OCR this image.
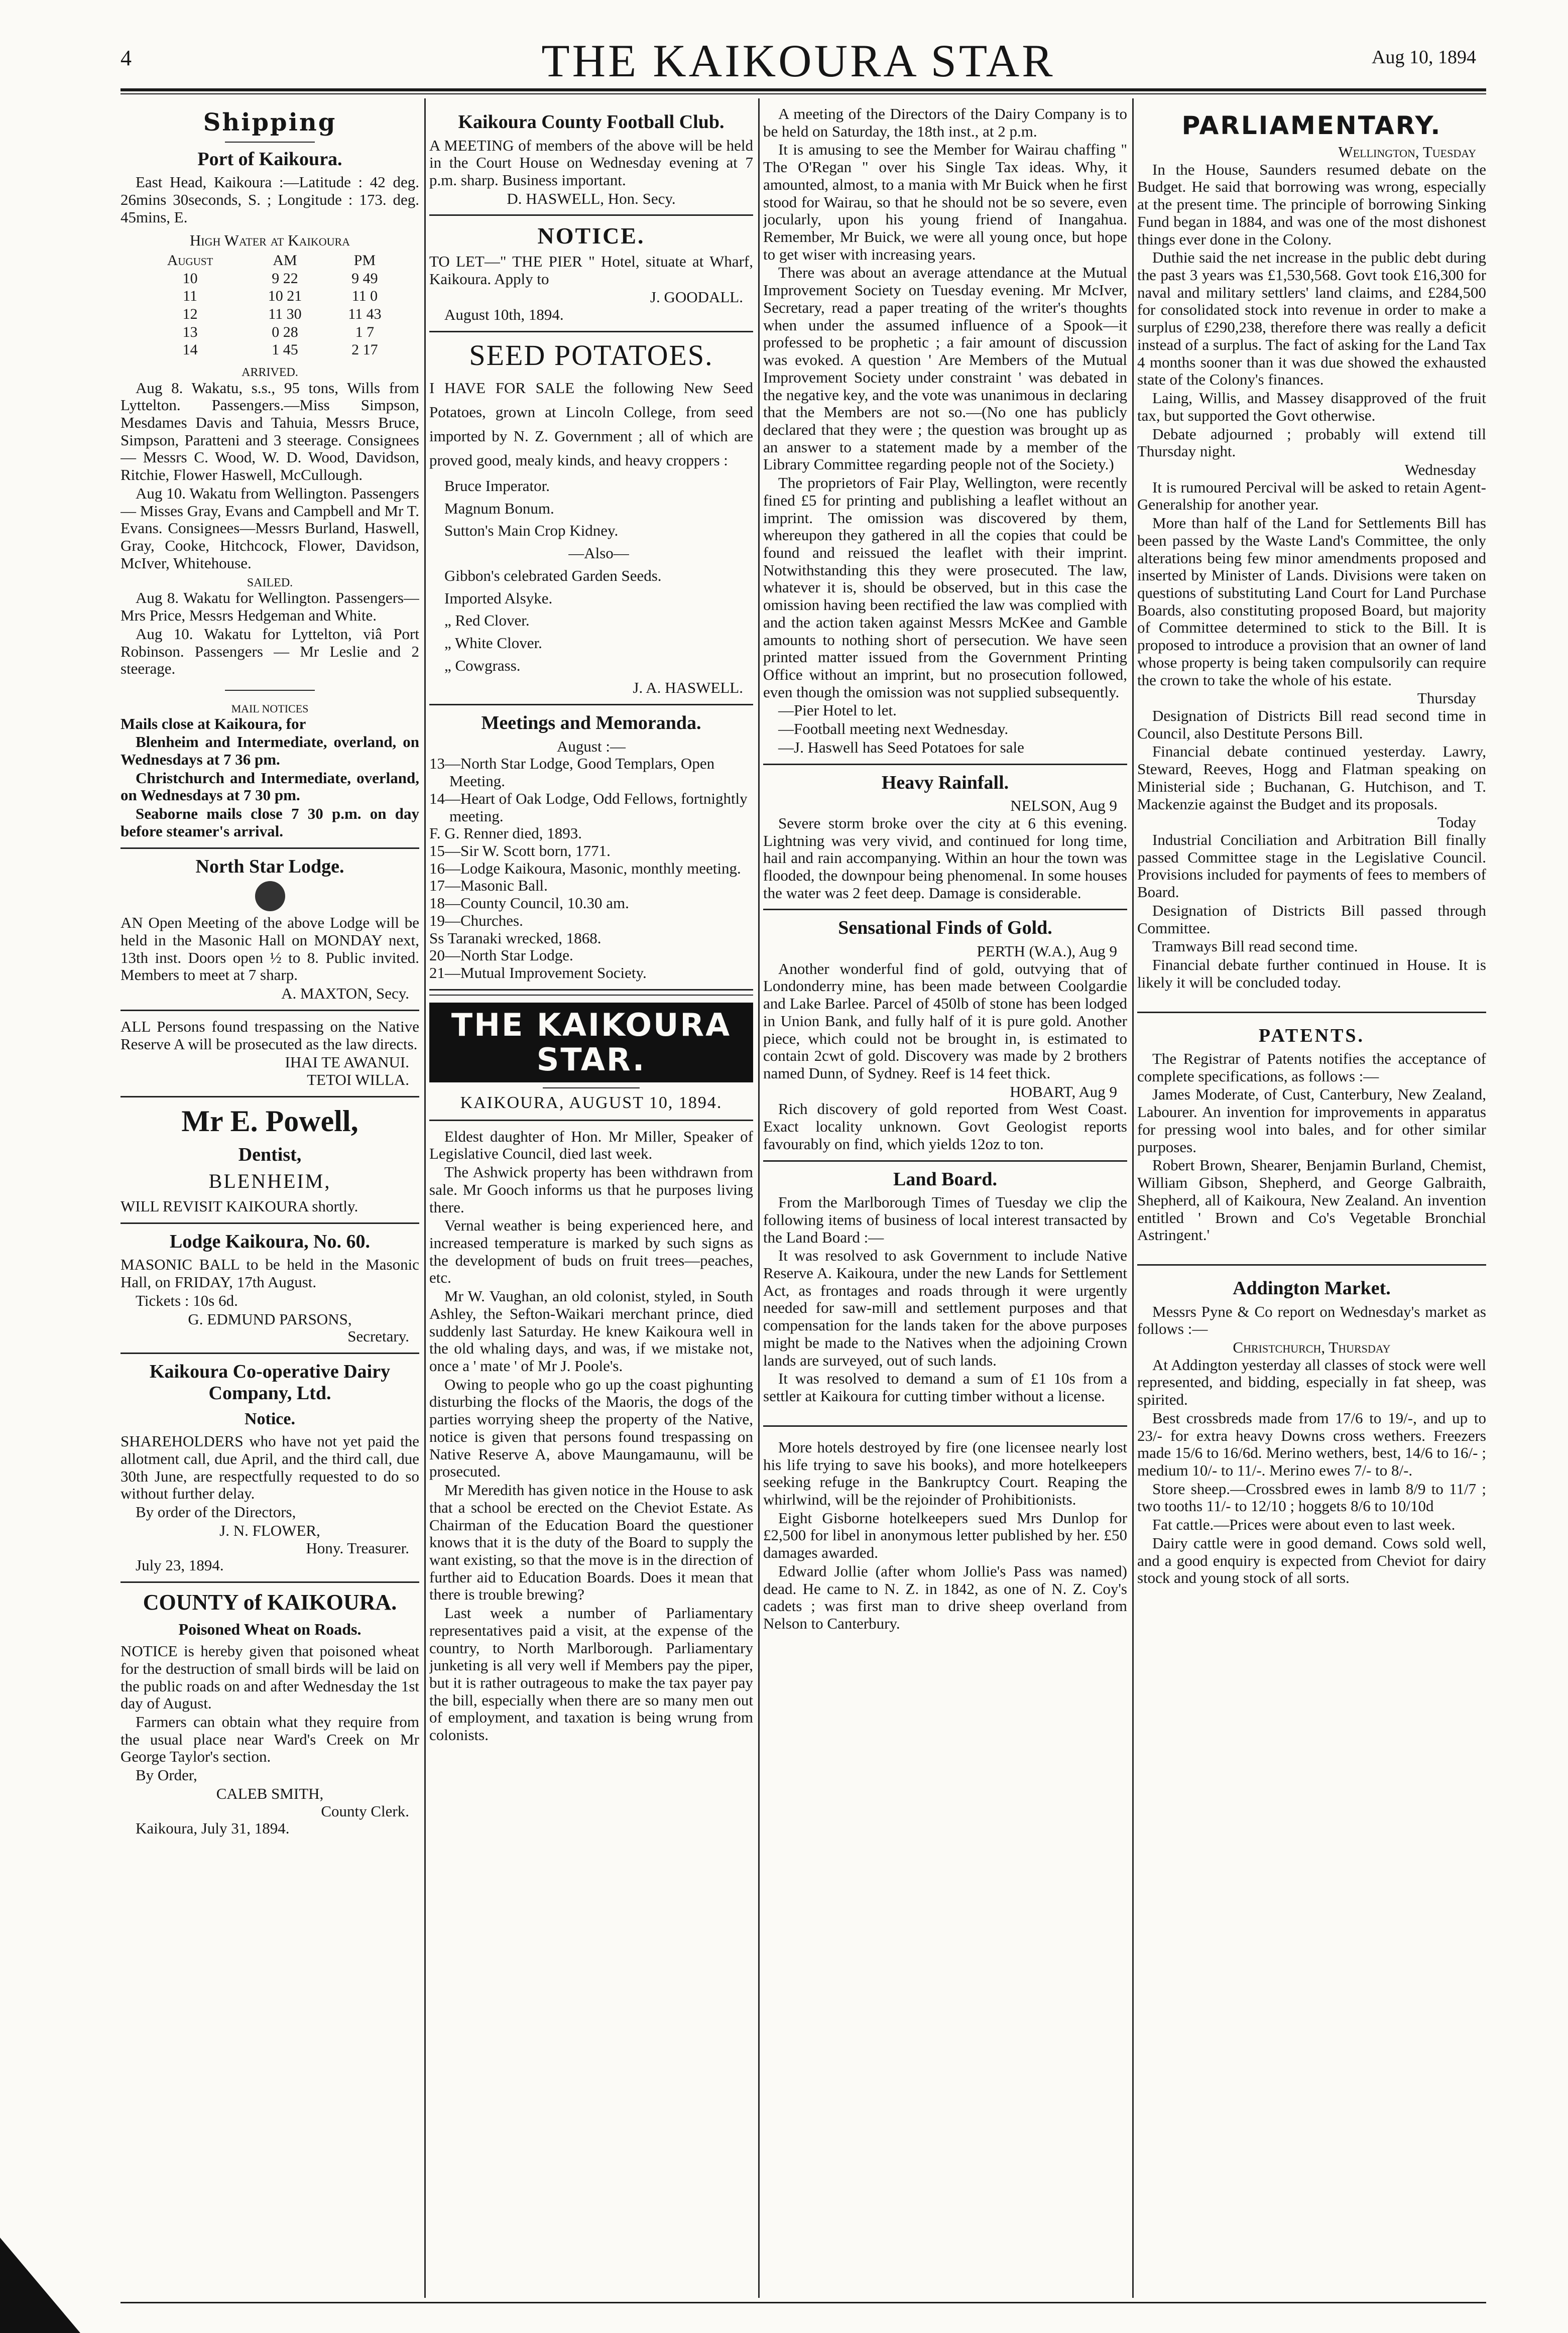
4	THE KAIKOURA STAR	Aug 10, 1894
Shipping
Port of Kaikoura.

East Head, Kaikoura :—Latitude : 42 deg. 26mins 30seconds, S. ; Longitude : 173. deg. 45mins, E.

High Water at Kaikoura
August	AM	PM
10	9 22	9 49
11	10 21	11 0
12	11 30	11 43
13	0 28	1 7
14	1 45	2 17
ARRIVED.

Aug 8. Wakatu, s.s., 95 tons, Wills from Lyttelton. Passengers.—Miss Simpson, Mesdames Davis and Tahuia, Messrs Bruce, Simpson, Paratteni and 3 steerage. Consignees — Messrs C. Wood, W. D. Wood, Davidson, Ritchie, Flower Haswell, McCullough.

Aug 10. Wakatu from Wellington. Passengers — Misses Gray, Evans and Campbell and Mr T. Evans. Consignees—Messrs Burland, Haswell, Gray, Cooke, Hitchcock, Flower, Davidson, McIver, Whitehouse.

SAILED.

Aug 8. Wakatu for Wellington. Passengers—Mrs Price, Messrs Hedgeman and White.

Aug 10. Wakatu for Lyttelton, viâ Port Robinson. Passengers — Mr Leslie and 2 steerage.

MAIL NOTICES

Mails close at Kaikoura, for

Blenheim and Intermediate, overland, on Wednesdays at 7 36 pm.

Christchurch and Intermediate, overland, on Wednesdays at 7 30 pm.

Seaborne mails close 7 30 p.m. on day before steamer's arrival.

North Star Lodge.

AN Open Meeting of the above Lodge will be held in the Masonic Hall on MONDAY next, 13th inst. Doors open ½ to 8. Public invited. Members to meet at 7 sharp.

A. MAXTON, Secy.

ALL Persons found trespassing on the Native Reserve A will be prosecuted as the law directs.

IHAI TE AWANUI.
TETOI WILLA.
Mr E. Powell,
Dentist,
BLENHEIM,

WILL REVISIT KAIKOURA shortly.

Lodge Kaikoura, No. 60.

MASONIC BALL to be held in the Masonic Hall, on FRIDAY, 17th August.

Tickets : 10s 6d.

G. EDMUND PARSONS,
Secretary.
Kaikoura Co-operative Dairy Company, Ltd.
Notice.

SHAREHOLDERS who have not yet paid the allotment call, due April, and the third call, due 30th June, are respectfully requested to do so without further delay.

By order of the Directors,

J. N. FLOWER,
Hony. Treasurer.

July 23, 1894.

COUNTY of KAIKOURA.
Poisoned Wheat on Roads.

NOTICE is hereby given that poisoned wheat for the destruction of small birds will be laid on the public roads on and after Wednesday the 1st day of August.

Farmers can obtain what they require from the usual place near Ward's Creek on Mr George Taylor's section.

By Order,

CALEB SMITH,
County Clerk.

Kaikoura, July 31, 1894.

Kaikoura County Football Club.

A MEETING of members of the above will be held in the Court House on Wednesday evening at 7 p.m. sharp. Business important.

D. HASWELL, Hon. Secy.
NOTICE.

TO LET—" THE PIER " Hotel, situate at Wharf, Kaikoura. Apply to

J. GOODALL.

August 10th, 1894.

SEED POTATOES.

I HAVE FOR SALE the following New Seed Potatoes, grown at Lincoln College, from seed imported by N. Z. Government ; all of which are proved good, mealy kinds, and heavy croppers :

Bruce Imperator.
Magnum Bonum.
Sutton's Main Crop Kidney.
—Also—
Gibbon's celebrated Garden Seeds.
Imported Alsyke.
„ Red Clover.
„ White Clover.
„ Cowgrass.
J. A. HASWELL.
Meetings and Memoranda.
August :—
13—North Star Lodge, Good Templars, Open Meeting.
14—Heart of Oak Lodge, Odd Fellows, fortnightly meeting.
F. G. Renner died, 1893.
15—Sir W. Scott born, 1771.
16—Lodge Kaikoura, Masonic, monthly meeting.
17—Masonic Ball.
18—County Council, 10.30 am.
19—Churches.
Ss Taranaki wrecked, 1868.
20—North Star Lodge.
21—Mutual Improvement Society.
THE KAIKOURA STAR.
KAIKOURA, AUGUST 10, 1894.

Eldest daughter of Hon. Mr Miller, Speaker of Legislative Council, died last week.

The Ashwick property has been withdrawn from sale. Mr Gooch informs us that he purposes living there.

Vernal weather is being experienced here, and increased temperature is marked by such signs as the development of buds on fruit trees—peaches, etc.

Mr W. Vaughan, an old colonist, styled, in South Ashley, the Sefton-Waikari merchant prince, died suddenly last Saturday. He knew Kaikoura well in the old whaling days, and was, if we mistake not, once a ' mate ' of Mr J. Poole's.

Owing to people who go up the coast pighunting disturbing the flocks of the Maoris, the dogs of the parties worrying sheep the property of the Native, notice is given that persons found trespassing on Native Reserve A, above Maungamaunu, will be prosecuted.

Mr Meredith has given notice in the House to ask that a school be erected on the Cheviot Estate. As Chairman of the Education Board the questioner knows that it is the duty of the Board to supply the want existing, so that the move is in the direction of further aid to Education Boards. Does it mean that there is trouble brewing?

Last week a number of Parliamentary representatives paid a visit, at the expense of the country, to North Marlborough. Parliamentary junketing is all very well if Members pay the piper, but it is rather outrageous to make the tax payer pay the bill, especially when there are so many men out of employment, and taxation is being wrung from colonists.

A meeting of the Directors of the Dairy Company is to be held on Saturday, the 18th inst., at 2 p.m.

It is amusing to see the Member for Wairau chaffing " The O'Regan " over his Single Tax ideas. Why, it amounted, almost, to a mania with Mr Buick when he first stood for Wairau, so that he should not be so severe, even jocularly, upon his young friend of Inangahua. Remember, Mr Buick, we were all young once, but hope to get wiser with increasing years.

There was about an average attendance at the Mutual Improvement Society on Tuesday evening. Mr McIver, Secretary, read a paper treating of the writer's thoughts when under the assumed influence of a Spook—it professed to be prophetic ; a fair amount of discussion was evoked. A question ' Are Members of the Mutual Improvement Society under constraint ' was debated in the negative key, and the vote was unanimous in declaring that the Members are not so.—(No one has publicly declared that they were ; the question was brought up as an answer to a statement made by a member of the Library Committee regarding people not of the Society.)

The proprietors of Fair Play, Wellington, were recently fined £5 for printing and publishing a leaflet without an imprint. The omission was discovered by them, whereupon they gathered in all the copies that could be found and reissued the leaflet with their imprint. Notwithstanding this they were prosecuted. The law, whatever it is, should be observed, but in this case the omission having been rectified the law was complied with and the action taken against Messrs McKee and Gamble amounts to nothing short of persecution. We have seen printed matter issued from the Government Printing Office without an imprint, but no prosecution followed, even though the omission was not supplied subsequently.

—Pier Hotel to let.

—Football meeting next Wednesday.

—J. Haswell has Seed Potatoes for sale

Heavy Rainfall.
NELSON, Aug 9

Severe storm broke over the city at 6 this evening. Lightning was very vivid, and continued for long time, hail and rain accompanying. Within an hour the town was flooded, the downpour being phenomenal. In some houses the water was 2 feet deep. Damage is considerable.

Sensational Finds of Gold.
PERTH (W.A.), Aug 9

Another wonderful find of gold, outvying that of Londonderry mine, has been made between Coolgardie and Lake Barlee. Parcel of 450lb of stone has been lodged in Union Bank, and fully half of it is pure gold. Another piece, which could not be brought in, is estimated to contain 2cwt of gold. Discovery was made by 2 brothers named Dunn, of Sydney. Reef is 14 feet thick.

HOBART, Aug 9

Rich discovery of gold reported from West Coast. Exact locality unknown. Govt Geologist reports favourably on find, which yields 12oz to ton.

Land Board.

From the Marlborough Times of Tuesday we clip the following items of business of local interest transacted by the Land Board :—

It was resolved to ask Government to include Native Reserve A. Kaikoura, under the new Lands for Settlement Act, as frontages and roads through it were urgently needed for saw-mill and settlement purposes and that compensation for the lands taken for the above purposes might be made to the Natives when the adjoining Crown lands are surveyed, out of such lands.

It was resolved to demand a sum of £1 10s from a settler at Kaikoura for cutting timber without a license.

More hotels destroyed by fire (one licensee nearly lost his life trying to save his books), and more hotelkeepers seeking refuge in the Bankruptcy Court. Reaping the whirlwind, will be the rejoinder of Prohibitionists.

Eight Gisborne hotelkeepers sued Mrs Dunlop for £2,500 for libel in anonymous letter published by her. £50 damages awarded.

Edward Jollie (after whom Jollie's Pass was named) dead. He came to N. Z. in 1842, as one of N. Z. Coy's cadets ; was first man to drive sheep overland from Nelson to Canterbury.

PARLIAMENTARY.
Wellington, Tuesday

In the House, Saunders resumed debate on the Budget. He said that borrowing was wrong, especially at the present time. The principle of borrowing Sinking Fund began in 1884, and was one of the most dishonest things ever done in the Colony.

Duthie said the net increase in the public debt during the past 3 years was £1,530,568. Govt took £16,300 for naval and military settlers' land claims, and £284,500 for consolidated stock into revenue in order to make a surplus of £290,238, therefore there was really a deficit instead of a surplus. The fact of asking for the Land Tax 4 months sooner than it was due showed the exhausted state of the Colony's finances.

Laing, Willis, and Massey disapproved of the fruit tax, but supported the Govt otherwise.

Debate adjourned ; probably will extend till Thursday night.

Wednesday

It is rumoured Percival will be asked to retain Agent-Generalship for another year.

More than half of the Land for Settlements Bill has been passed by the Waste Land's Committee, the only alterations being few minor amendments proposed and inserted by Minister of Lands. Divisions were taken on questions of substituting Land Court for Land Purchase Boards, also constituting proposed Board, but majority of Committee determined to stick to the Bill. It is proposed to introduce a provision that an owner of land whose property is being taken compulsorily can require the crown to take the whole of his estate.

Thursday

Designation of Districts Bill read second time in Council, also Destitute Persons Bill.

Financial debate continued yesterday. Lawry, Steward, Reeves, Hogg and Flatman speaking on Ministerial side ; Buchanan, G. Hutchison, and T. Mackenzie against the Budget and its proposals.

Today

Industrial Conciliation and Arbitration Bill finally passed Committee stage in the Legislative Council. Provisions included for payments of fees to members of Board.

Designation of Districts Bill passed through Committee.

Tramways Bill read second time.

Financial debate further continued in House. It is likely it will be concluded today.

PATENTS.

The Registrar of Patents notifies the acceptance of complete specifications, as follows :—

James Moderate, of Cust, Canterbury, New Zealand, Labourer. An invention for improvements in apparatus for pressing wool into bales, and for other similar purposes.

Robert Brown, Shearer, Benjamin Burland, Chemist, William Gibson, Shepherd, and George Galbraith, Shepherd, all of Kaikoura, New Zealand. An invention entitled ' Brown and Co's Vegetable Bronchial Astringent.'

Addington Market.

Messrs Pyne & Co report on Wednesday's market as follows :—

Christchurch, Thursday

At Addington yesterday all classes of stock were well represented, and bidding, especially in fat sheep, was spirited.

Best crossbreds made from 17/6 to 19/-, and up to 23/- for extra heavy Downs cross wethers. Freezers made 15/6 to 16/6d. Merino wethers, best, 14/6 to 16/- ; medium 10/- to 11/-. Merino ewes 7/- to 8/-.

Store sheep.—Crossbred ewes in lamb 8/9 to 11/7 ; two tooths 11/- to 12/10 ; hoggets 8/6 to 10/10d

Fat cattle.—Prices were about even to last week.

Dairy cattle were in good demand. Cows sold well, and a good enquiry is expected from Cheviot for dairy stock and young stock of all sorts.
